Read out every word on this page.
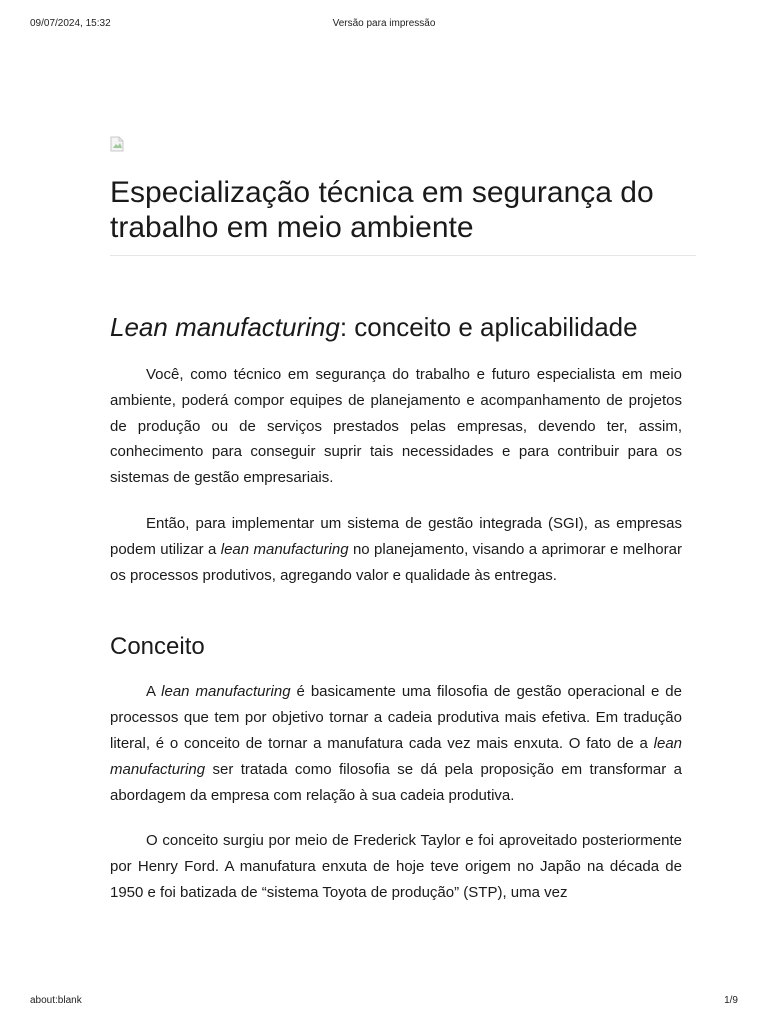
09/07/2024, 15:32	Versão para impressão
Especialização técnica em segurança do trabalho em meio ambiente
Lean manufacturing: conceito e aplicabilidade

Você, como técnico em segurança do trabalho e futuro especialista em meio ambiente, poderá compor equipes de planejamento e acompanhamento de projetos de produção ou de serviços prestados pelas empresas, devendo ter, assim, conhecimento para conseguir suprir tais necessidades e para contribuir para os sistemas de gestão empresariais.

Então, para implementar um sistema de gestão integrada (SGI), as empresas podem utilizar a lean manufacturing no planejamento, visando a aprimorar e melhorar os processos produtivos, agregando valor e qualidade às entregas.

Conceito

A lean manufacturing é basicamente uma filosofia de gestão operacional e de processos que tem por objetivo tornar a cadeia produtiva mais efetiva. Em tradução literal, é o conceito de tornar a manufatura cada vez mais enxuta. O fato de a lean manufacturing ser tratada como filosofia se dá pela proposição em transformar a abordagem da empresa com relação à sua cadeia produtiva.

O conceito surgiu por meio de Frederick Taylor e foi aproveitado posteriormente por Henry Ford. A manufatura enxuta de hoje teve origem no Japão na década de 1950 e foi batizada de “sistema Toyota de produção” (STP), uma vez

about:blank	1/9
